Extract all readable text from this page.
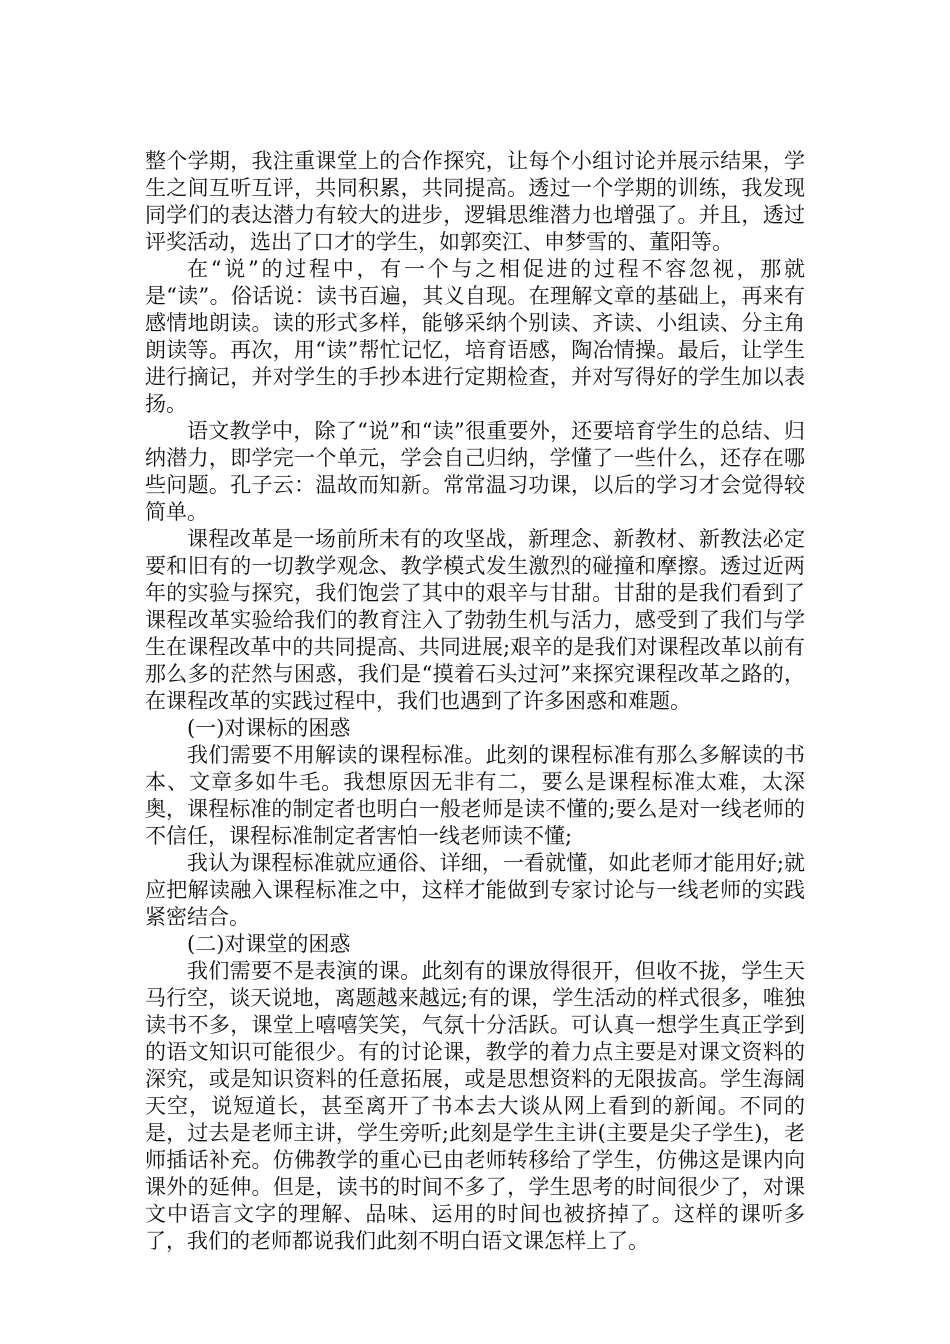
整个学期，我注重课堂上的合作探究，让每个小组讨论并展示结果，学生之间互听互评，共同积累，共同提高。透过一个学期的训练，我发现同学们的表达潜力有较大的进步，逻辑思维潜力也增强了。并且，透过评奖活动，选出了口才的学生，如郭奕江、申梦雪的、董阳等。

在“说”的过程中，有一个与之相促进的过程不容忽视，那就是“读”。俗话说：读书百遍，其义自现。在理解文章的基础上，再来有感情地朗读。读的形式多样，能够采纳个别读、齐读、小组读、分主角朗读等。再次，用“读”帮忙记忆，培育语感，陶冶情操。最后，让学生进行摘记，并对学生的手抄本进行定期检查，并对写得好的学生加以表扬。

语文教学中，除了“说”和“读”很重要外，还要培育学生的总结、归纳潜力，即学完一个单元，学会自己归纳，学懂了一些什么，还存在哪些问题。孔子云：温故而知新。常常温习功课，以后的学习才会觉得较简单。

课程改革是一场前所未有的攻坚战，新理念、新教材、新教法必定要和旧有的一切教学观念、教学模式发生激烈的碰撞和摩擦。透过近两年的实验与探究，我们饱尝了其中的艰辛与甘甜。甘甜的是我们看到了课程改革实验给我们的教育注入了勃勃生机与活力，感受到了我们与学生在课程改革中的共同提高、共同进展;艰辛的是我们对课程改革以前有那么多的茫然与困惑，我们是“摸着石头过河”来探究课程改革之路的，在课程改革的实践过程中，我们也遇到了许多困惑和难题。

(一)对课标的困惑

我们需要不用解读的课程标准。此刻的课程标准有那么多解读的书本、文章多如牛毛。我想原因无非有二，要么是课程标准太难，太深奥，课程标准的制定者也明白一般老师是读不懂的;要么是对一线老师的不信任，课程标准制定者害怕一线老师读不懂;

我认为课程标准就应通俗、详细，一看就懂，如此老师才能用好;就应把解读融入课程标准之中，这样才能做到专家讨论与一线老师的实践紧密结合。

(二)对课堂的困惑

我们需要不是表演的课。此刻有的课放得很开，但收不拢，学生天马行空，谈天说地，离题越来越远;有的课，学生活动的样式很多，唯独读书不多，课堂上嘻嘻笑笑，气氛十分活跃。可认真一想学生真正学到的语文知识可能很少。有的讨论课，教学的着力点主要是对课文资料的深究，或是知识资料的任意拓展，或是思想资料的无限拔高。学生海阔天空，说短道长，甚至离开了书本去大谈从网上看到的新闻。不同的是，过去是老师主讲，学生旁听;此刻是学生主讲(主要是尖子学生)，老师插话补充。仿佛教学的重心已由老师转移给了学生，仿佛这是课内向课外的延伸。但是，读书的时间不多了，学生思考的时间很少了，对课文中语言文字的理解、品味、运用的时间也被挤掉了。这样的课听多了，我们的老师都说我们此刻不明白语文课怎样上了。
